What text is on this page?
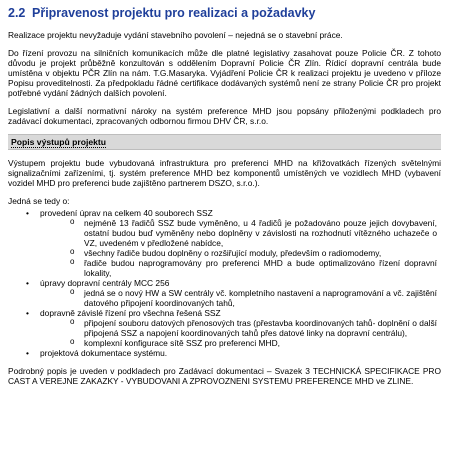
2.2 Připravenost projektu pro realizaci a požadavky

Realizace projektu nevyžaduje vydání stavebního povolení – nejedná se o stavební práce.

Do řízení provozu na silničních komunikacích může dle platné legislativy zasahovat pouze Policie ČR. Z tohoto důvodu je projekt průběžně konzultován s oddělením Dopravní Policie ČR Zlín. Řídicí dopravní centrála bude umístěna v objektu PČR Zlín na nám. T.G.Masaryka. Vyjádření Policie ČR k realizaci projektu je uvedeno v příloze Popisu proveditelnosti. Za předpokladu řádné certifikace dodávaných systémů není ze strany Policie ČR pro projekt potřebné vydání žádných dalších povolení.

Legislativní a další normativní nároky na systém preference MHD jsou popsány přiloženými podkladech pro zadávací dokumentaci, zpracovaných odbornou firmou DHV ČR, s.r.o.

Popis výstupů projektu

Výstupem projektu bude vybudovaná infrastruktura pro preferenci MHD na křižovatkách řízených světelnými signalizačními zařízeními, tj. systém preference MHD bez komponentů umístěných ve vozidlech MHD (vybavení vozidel MHD pro preferenci bude zajištěno partnerem DSZO, s.r.o.).

Jedná se tedy o:

• provedení úprav na celkem 40 souborech SSZ
o nejméně 13 řadičů SSZ bude vyměněno, u 4 řadičů je požadováno pouze jejich dovybavení, ostatní budou buď vyměněny nebo doplněny v závislosti na rozhodnutí vítězného uchazeče o VZ, uvedeném v předložené nabídce,
o všechny řadiče budou doplněny o rozšiřující moduly, především o radiomodemy,
o řadiče budou naprogramovány pro preferenci MHD a bude optimalizováno řízení dopravní lokality,
• úpravy dopravní centrály MCC 256
o jedná se o nový HW a SW centrály vč. kompletního nastavení a naprogramování a vč. zajištění datového připojení koordinovaných tahů,
• dopravně závislé řízení pro všechna řešená SSZ
o připojení souboru datových přenosových tras (přestavba koordinovaných tahů- doplnění o další připojená SSZ a napojení koordinovaných tahů přes datové linky na dopravní centrálu),
o komplexní konfigurace sítě SSZ pro preferenci MHD,
• projektová dokumentace systému.

Podrobný popis je uveden v podkladech pro Zadávací dokumentaci – Svazek 3 TECHNICKÁ SPECIFIKACE PRO CAST A VEREJNE ZAKAZKY - VYBUDOVANI A ZPROVOZNENI SYSTEMU PREFERENCE MHD ve ZLINE.
